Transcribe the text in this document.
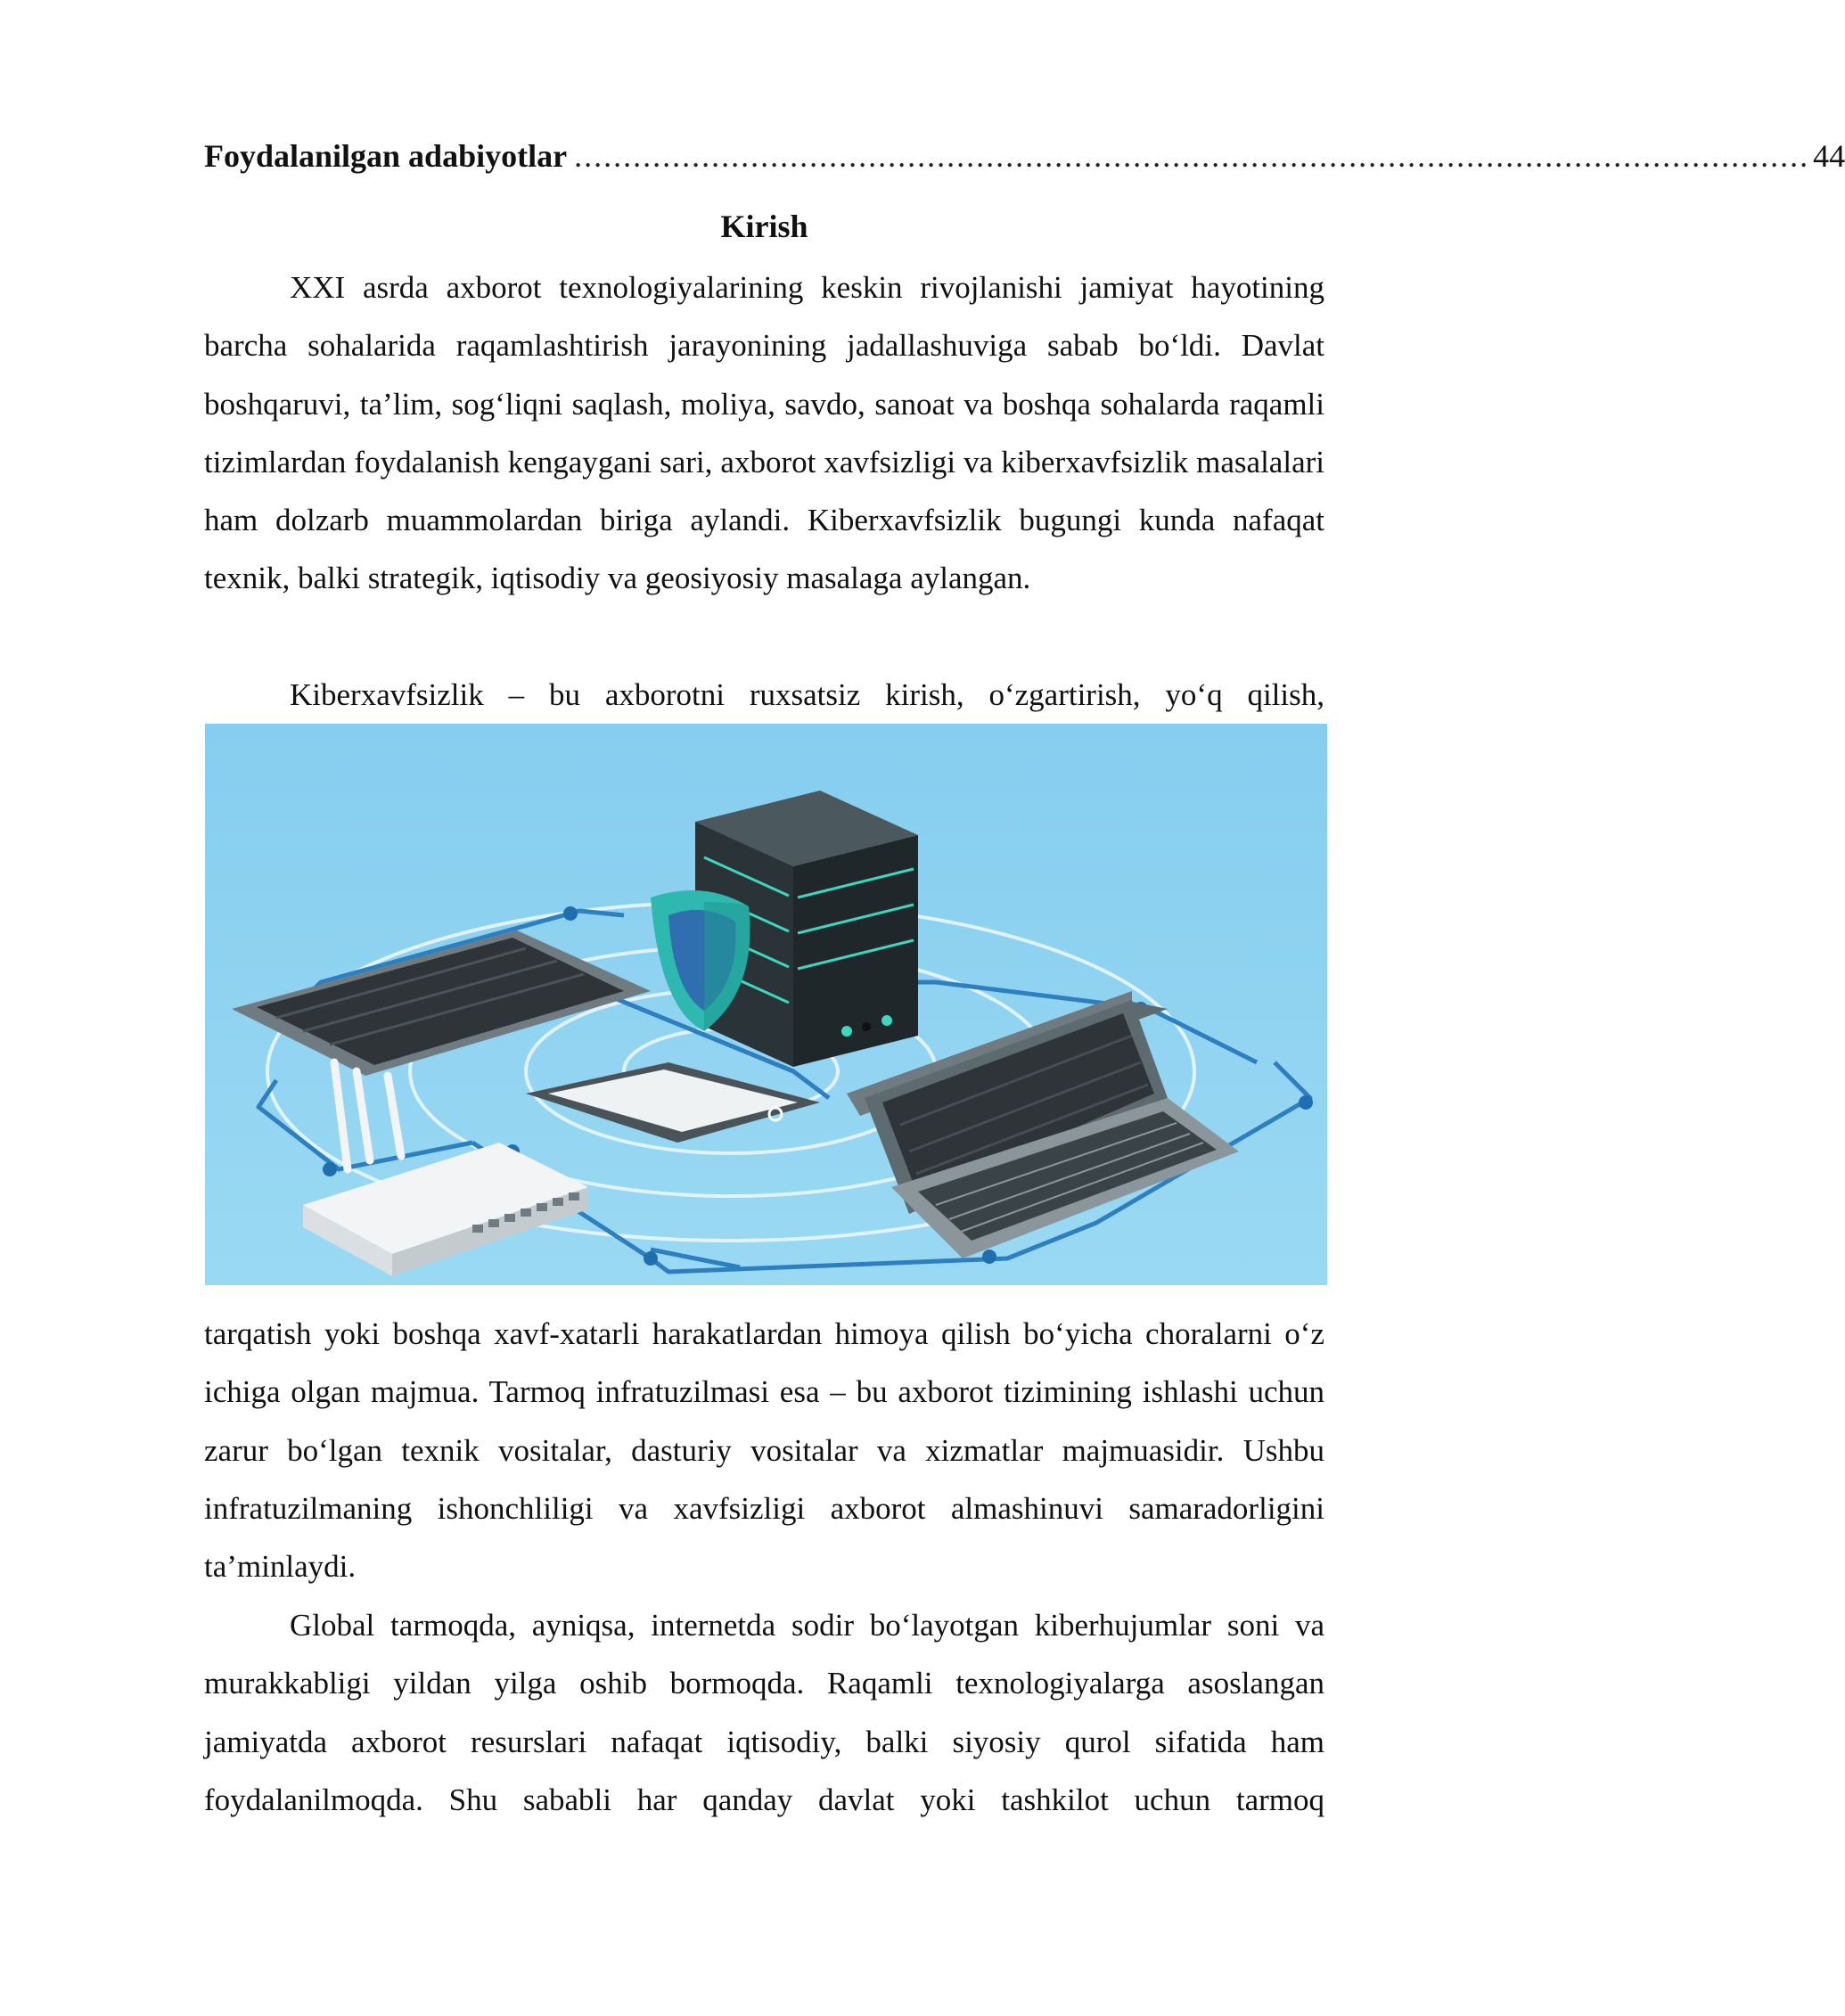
Foydalanilgan adabiyotlar .............................................................................................................................. 44
Kirish

XXI asrda axborot texnologiyalarining keskin rivojlanishi jamiyat hayotining barcha sohalarida raqamlashtirish jarayonining jadallashuviga sabab bo‘ldi. Davlat boshqaruvi, ta’lim, sog‘liqni saqlash, moliya, savdo, sanoat va boshqa sohalarda raqamli tizimlardan foydalanish kengaygani sari, axborot xavfsizligi va kiberxavfsizlik masalalari ham dolzarb muammolardan biriga aylandi. Kiberxavfsizlik bugungi kunda nafaqat texnik, balki strategik, iqtisodiy va geosiyosiy masalaga aylangan.

Kiberxavfsizlik – bu axborotni ruxsatsiz kirish, o‘zgartirish, yo‘q qilish,

tarqatish yoki boshqa xavf-xatarli harakatlardan himoya qilish bo‘yicha choralarni o‘z ichiga olgan majmua. Tarmoq infratuzilmasi esa – bu axborot tizimining ishlashi uchun zarur bo‘lgan texnik vositalar, dasturiy vositalar va xizmatlar majmuasidir. Ushbu infratuzilmaning ishonchliligi va xavfsizligi axborot almashinuvi samaradorligini ta’minlaydi.

Global tarmoqda, ayniqsa, internetda sodir bo‘layotgan kiberhujumlar soni va murakkabligi yildan yilga oshib bormoqda. Raqamli texnologiyalarga asoslangan jamiyatda axborot resurslari nafaqat iqtisodiy, balki siyosiy qurol sifatida ham foydalanilmoqda. Shu sababli har qanday davlat yoki tashkilot uchun tarmoq
